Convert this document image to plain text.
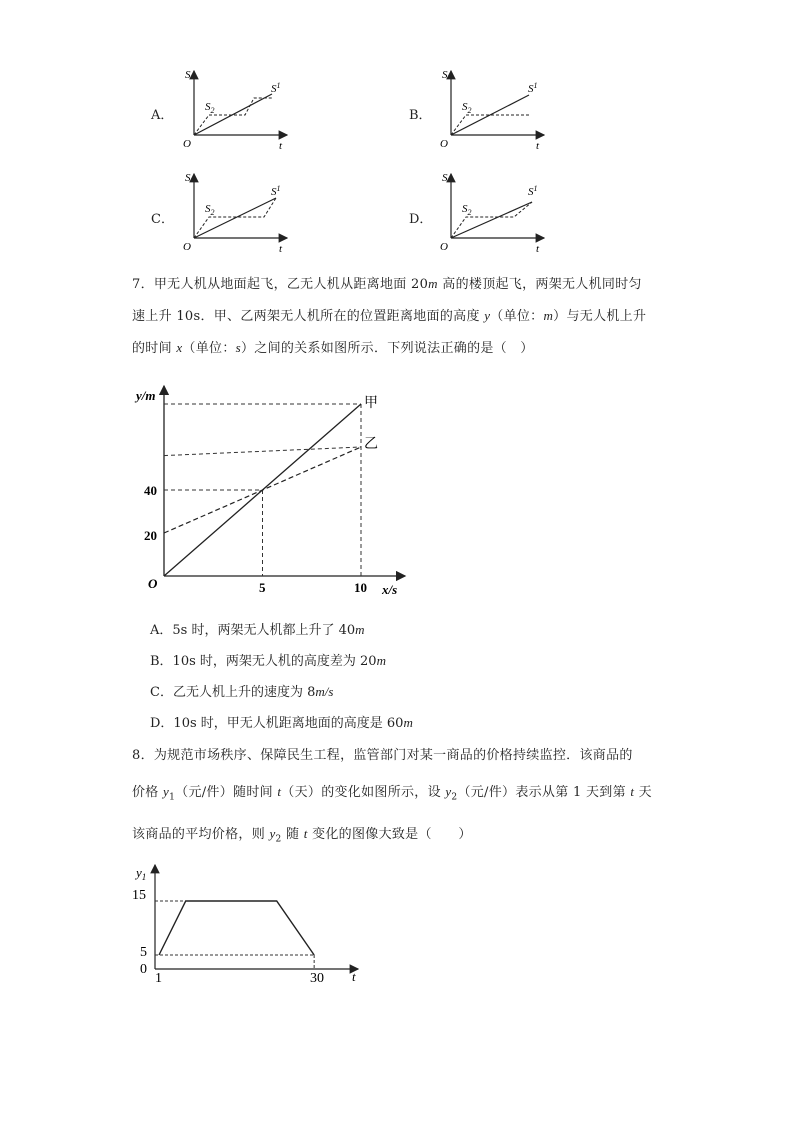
A．
S
$S^1$
$S_2$
O	t
B．
S
$S^1$
$S_2$
O	t
C．
S
$S^1$
$S_2$
O	t
D．
S
$S^1$
$S_2$
O	t
7．甲无人机从地面起飞，乙无人机从距离地面 20m 高的楼顶起飞，两架无人机同时匀
速上升 10s．甲、乙两架无人机所在的位置距离地面的高度 y（单位：m）与无人机上升
的时间 x（单位：s）之间的关系如图所示．下列说法正确的是（　）
y/m
x/s
O
40
20
5	10
甲
乙
A．5s 时，两架无人机都上升了 40m
B．10s 时，两架无人机的高度差为 20m
C．乙无人机上升的速度为 8m/s
D．10s 时，甲无人机距离地面的高度是 60m
8．为规范市场秩序、保障民生工程，监管部门对某一商品的价格持续监控．该商品的
价格 $y_1$（元/件）随时间 t（天）的变化如图所示，设 $y_2$（元/件）表示从第 1 天到第 t 天
该商品的平均价格，则 $y_2$ 随 t 变化的图像大致是（　　）
$y_1$
t
15
5
0
1	30
